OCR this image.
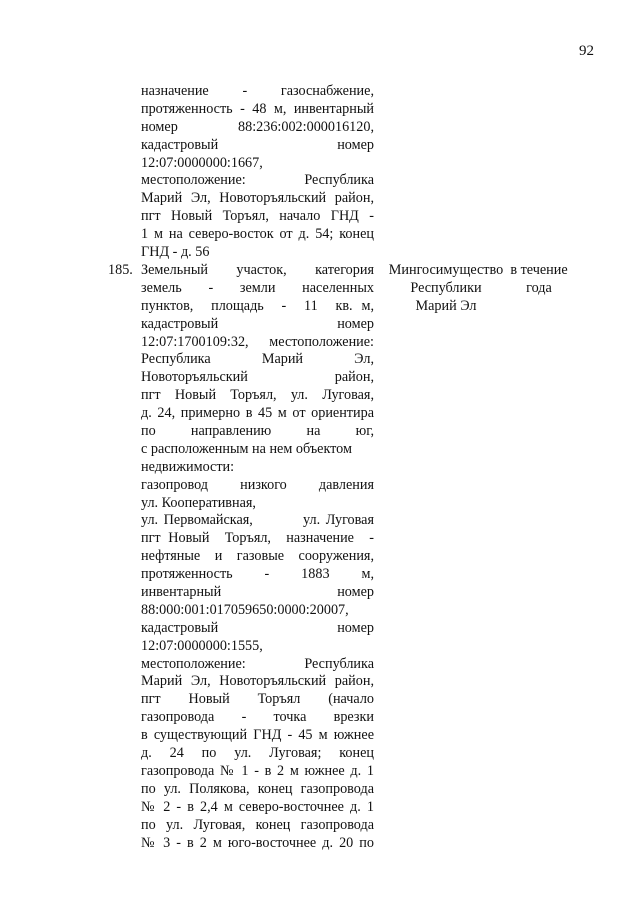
92
назначение    -    газоснабжение,
протяженность - 48 м, инвентарный
номер          88:236:002:000016120,
кадастровый                    номер
12:07:0000000:1667,
местоположение:           Республика
Марий Эл, Новоторъяльский район,
пгт Новый Торъял, начало ГНД -
1 м на северо-восток от д. 54; конец
ГНД - д. 56
185. Земельный    участок,    категория
земель   -   земли   населенных
пунктов,  площадь  -  11  кв. м,
кадастровый                    номер
12:07:1700109:32,  местоположение:
Республика       Марий       Эл,
Новоторъяльский               район,
пгт  Новый  Торъял,  ул.  Луговая,
д. 24, примерно в 45 м от ориентира
по      направлению      на      юг,
с расположенным на нем объектом
недвижимости:
газопровод   низкого   давления
ул. Кооперативная,
ул. Первомайская,         ул. Луговая
пгт Новый  Торъял,  назначение  -
нефтяные  и  газовые  сооружения,
протяженность     -     1883     м,
инвентарный                    номер
88:000:001:017059650:0000:20007,
кадастровый                    номер
12:07:0000000:1555,
местоположение:           Республика
Марий Эл, Новоторъяльский район,
пгт    Новый    Торъял    (начало
газопровода    -    точка    врезки
в существующий ГНД - 45 м южнее
д.  24  по  ул.  Луговая;  конец
газопровода № 1 - в 2 м южнее д. 1
по ул. Полякова, конец газопровода
№ 2 - в 2,4 м северо-восточнее д. 1
по  ул.  Луговая,  конец  газопровода
№ 3 - в 2 м юго-восточнее д. 20 по
Мингосимущество
Республики
Марий Эл
в течение
года
